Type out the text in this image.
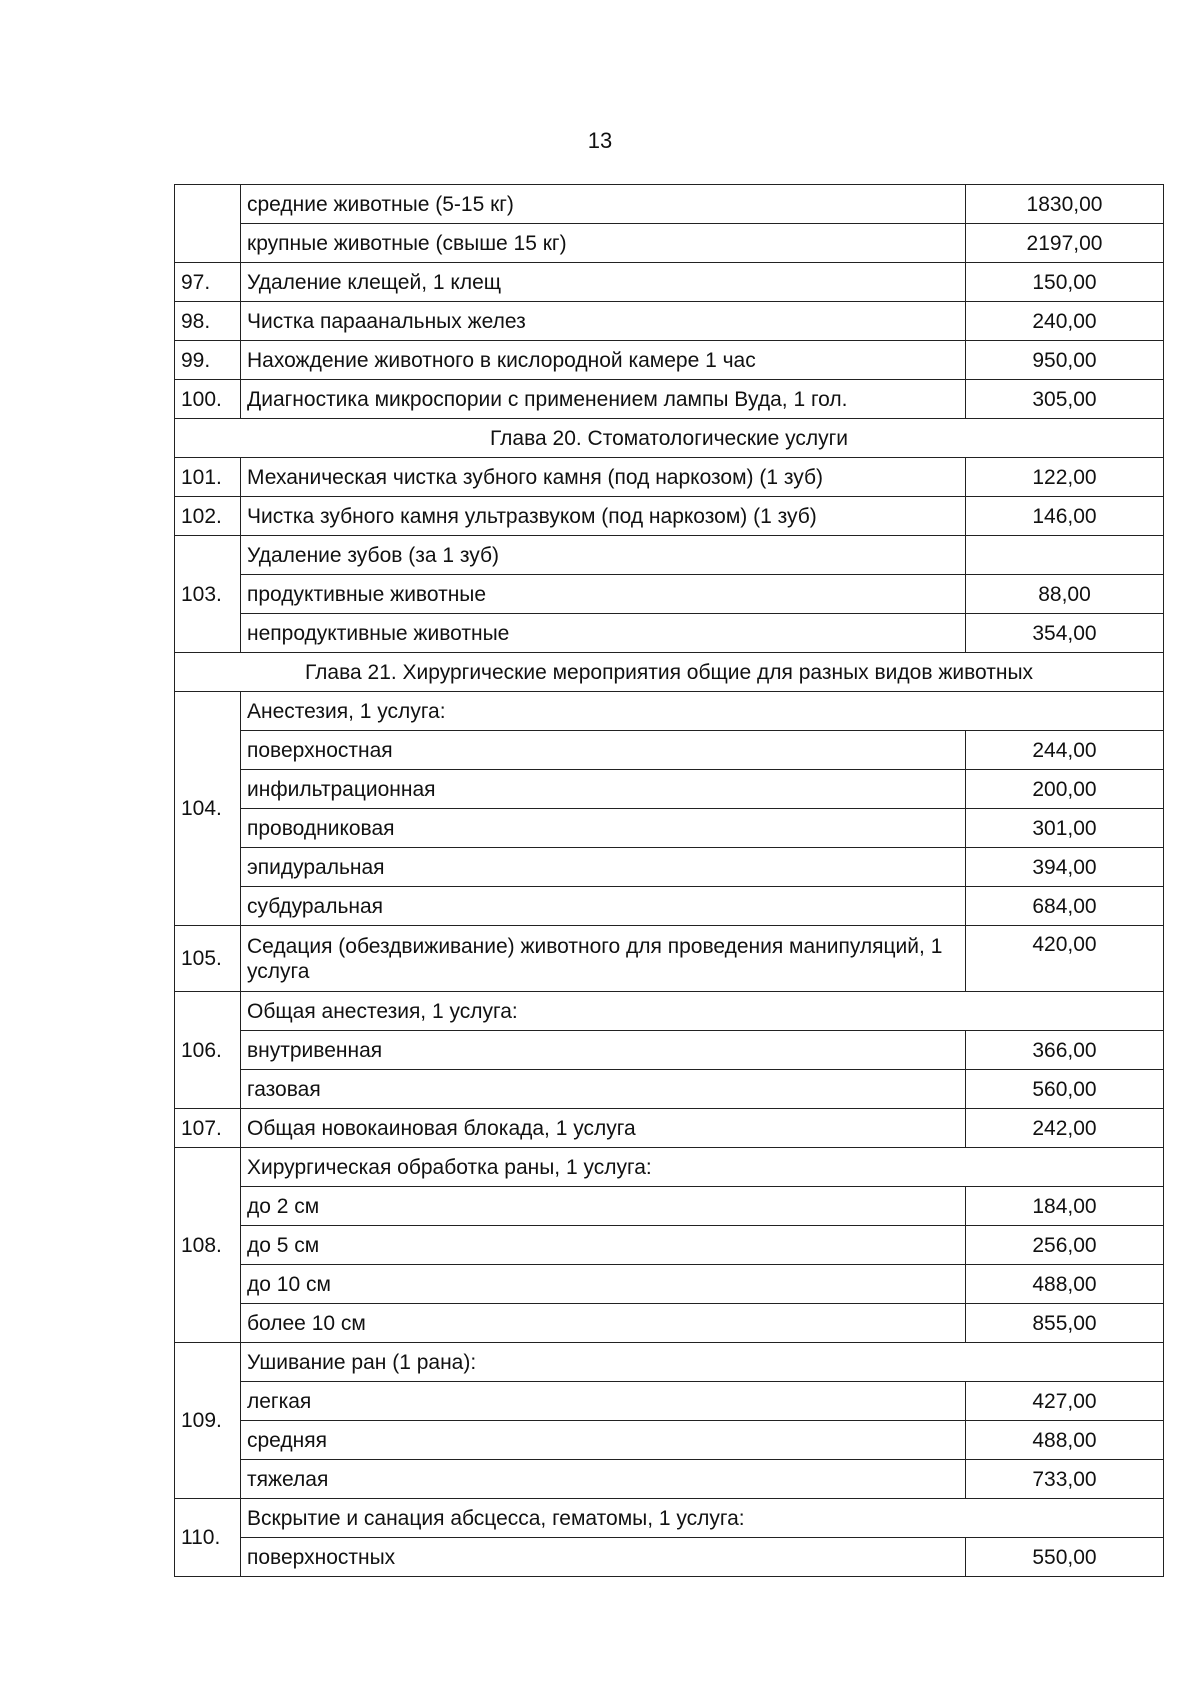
13
	средние животные (5-15 кг)	1830,00
	крупные животные (свыше 15 кг)	2197,00
97.	Удаление клещей, 1 клещ	150,00
98.	Чистка параанальных желез	240,00
99.	Нахождение животного в кислородной камере 1 час	950,00
100.	Диагностика микроспории с применением лампы Вуда, 1 гол.	305,00
Глава 20. Стоматологические услуги		
101.	Механическая чистка зубного камня (под наркозом) (1 зуб)	122,00
102.	Чистка зубного камня ультразвуком (под наркозом) (1 зуб)	146,00
103.	Удаление зубов (за 1 зуб)	
	продуктивные животные	88,00
	непродуктивные животные	354,00
Глава 21. Хирургические мероприятия общие для разных видов животных		
104.	Анестезия, 1 услуга:	
	поверхностная	244,00
	инфильтрационная	200,00
	проводниковая	301,00
	эпидуральная	394,00
	субдуральная	684,00
105.	Седация (обездвиживание) животного для проведения манипуляций, 1 услуга	420,00
106.	Общая анестезия, 1 услуга:	
	внутривенная	366,00
	газовая	560,00
107.	Общая новокаиновая блокада, 1 услуга	242,00
108.	Хирургическая обработка раны, 1 услуга:	
	до 2 см	184,00
	до 5 см	256,00
	до 10 см	488,00
	более 10 см	855,00
109.	Ушивание ран (1 рана):	
	легкая	427,00
	средняя	488,00
	тяжелая	733,00
110.	Вскрытие и санация абсцесса, гематомы, 1 услуга:	
	поверхностных	550,00
